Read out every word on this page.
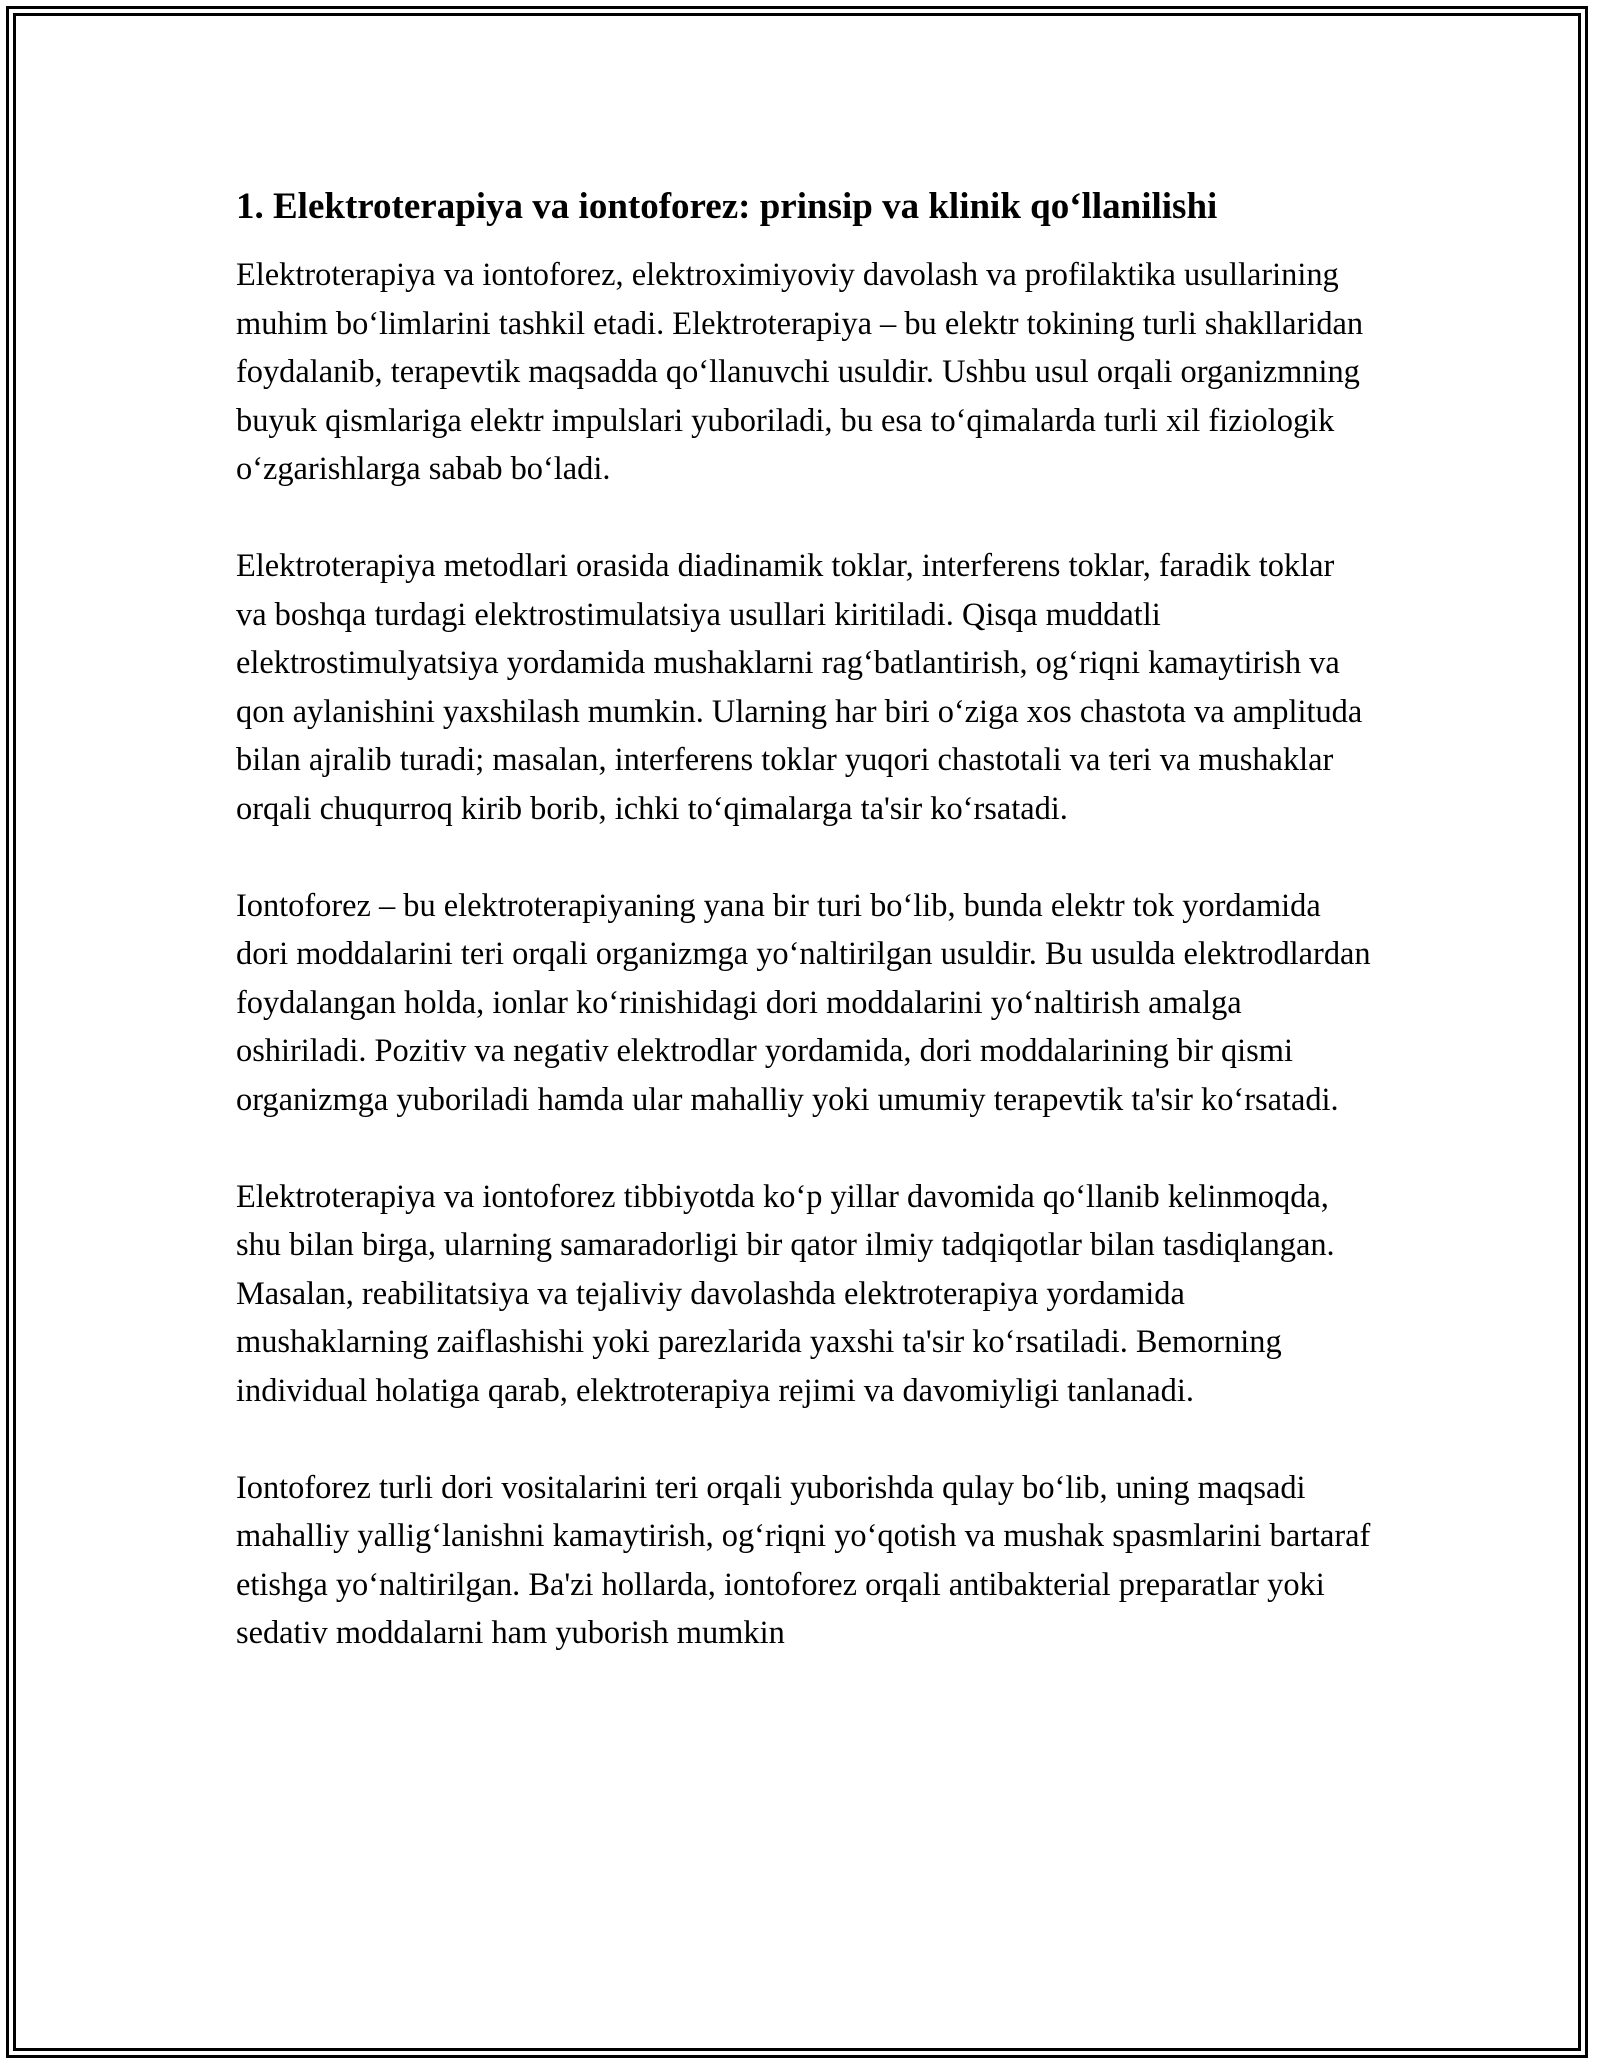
1. Elektroterapiya va iontoforez: prinsip va klinik qo‘llanilishi

Elektroterapiya va iontoforez, elektroximiyoviy davolash va profilaktika usullarining muhim bo‘limlarini tashkil etadi. Elektroterapiya – bu elektr tokining turli shakllaridan foydalanib, terapevtik maqsadda qo‘llanuvchi usuldir. Ushbu usul orqali organizmning buyuk qismlariga elektr impulslari yuboriladi, bu esa to‘qimalarda turli xil fiziologik o‘zgarishlarga sabab bo‘ladi.

Elektroterapiya metodlari orasida diadinamik toklar, interferens toklar, faradik toklar va boshqa turdagi elektrostimulatsiya usullari kiritiladi. Qisqa muddatli elektrostimulyatsiya yordamida mushaklarni rag‘batlantirish, og‘riqni kamaytirish va qon aylanishini yaxshilash mumkin. Ularning har biri o‘ziga xos chastota va amplituda bilan ajralib turadi; masalan, interferens toklar yuqori chastotali va teri va mushaklar orqali chuqurroq kirib borib, ichki to‘qimalarga ta'sir ko‘rsatadi.

Iontoforez – bu elektroterapiyaning yana bir turi bo‘lib, bunda elektr tok yordamida dori moddalarini teri orqali organizmga yo‘naltirilgan usuldir. Bu usulda elektrodlardan foydalangan holda, ionlar ko‘rinishidagi dori moddalarini yo‘naltirish amalga oshiriladi. Pozitiv va negativ elektrodlar yordamida, dori moddalarining bir qismi organizmga yuboriladi hamda ular mahalliy yoki umumiy terapevtik ta'sir ko‘rsatadi.

Elektroterapiya va iontoforez tibbiyotda ko‘p yillar davomida qo‘llanib kelinmoqda, shu bilan birga, ularning samaradorligi bir qator ilmiy tadqiqotlar bilan tasdiqlangan. Masalan, reabilitatsiya va tejaliviy davolashda elektroterapiya yordamida mushaklarning zaiflashishi yoki parezlarida yaxshi ta'sir ko‘rsatiladi. Bemorning individual holatiga qarab, elektroterapiya rejimi va davomiyligi tanlanadi.

Iontoforez turli dori vositalarini teri orqali yuborishda qulay bo‘lib, uning maqsadi mahalliy yallig‘lanishni kamaytirish, og‘riqni yo‘qotish va mushak spasmlarini bartaraf etishga yo‘naltirilgan. Ba'zi hollarda, iontoforez orqali antibakterial preparatlar yoki sedativ moddalarni ham yuborish mumkin
